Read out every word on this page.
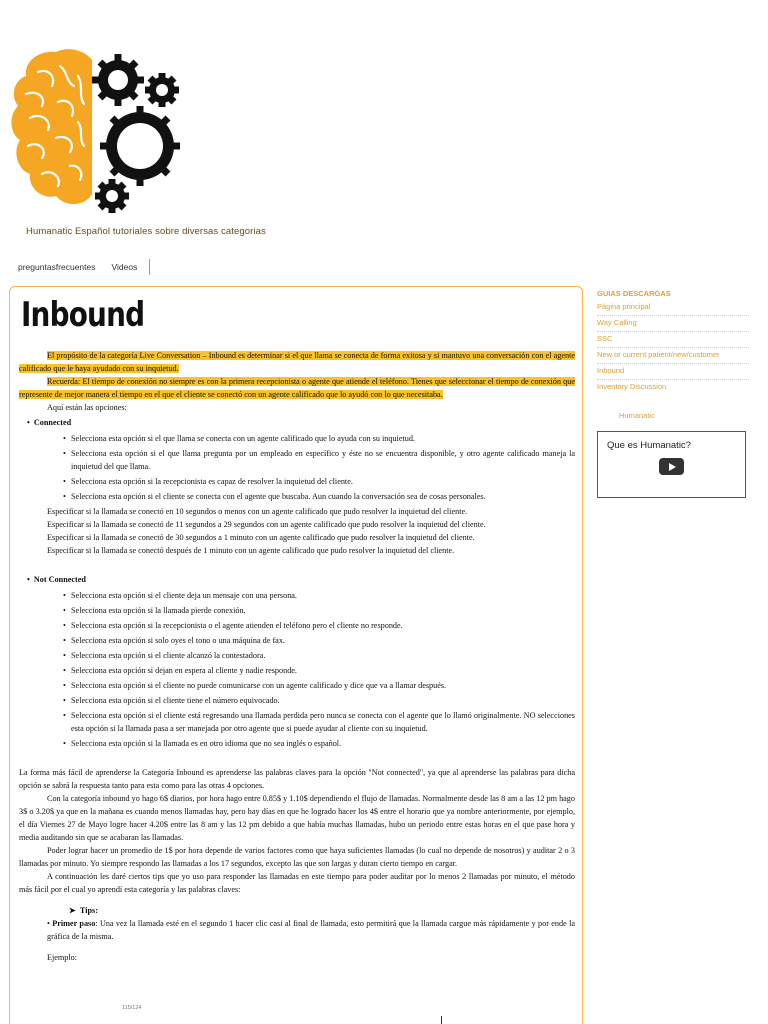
Humanatic Español tutoriales sobre diversas categorias
preguntasfrecuentes Videos
Inbound

El propósito de la categoría Live Conversation – Inbound es determinar si el que llama se conecta de forma exitosa y si mantuvo una conversación con el agente calificado que le haya ayudado con su inquietud.

Recuerda: El tiempo de conexión no siempre es con la primera recepcionista o agente que atiende el teléfono. Tienes que seleccionar el tiempo de conexión que represente de mejor manera el tiempo en el que el cliente se conectó con un agente calificado que lo ayudó con lo que necesitaba.

Aquí están las opciones:

• Connected
• Selecciona esta opción si el que llama se conecta con un agente calificado que lo ayuda con su inquietud.
• Selecciona esta opción si el que llama pregunta por un empleado en específico y éste no se encuentra disponible, y otro agente calificado maneja la inquietud del que llama.
• Selecciona esta opción si la recepcionista es capaz de resolver la inquietud del cliente.
• Selecciona esta opción si el cliente se conecta con el agente que buscaba. Aun cuando la conversación sea de cosas personales.

Especificar si la llamada se conectó en 10 segundos o menos con un agente calificado que pudo resolver la inquietud del cliente.

Especificar si la llamada se conectó de 11 segundos a 29 segundos con un agente calificado que pudo resolver la inquietud del cliente.

Especificar si la llamada se conectó de 30 segundos a 1 minuto con un agente calificado que pudo resolver la inquietud del cliente.

Especificar si la llamada se conectó después de 1 minuto con un agente calificado que pudo resolver la inquietud del cliente.

• Not Connected
• Selecciona esta opción si el cliente deja un mensaje con una persona.
• Selecciona esta opción si la llamada pierde conexión.
• Selecciona esta opción si la recepcionista o el agente atienden el teléfono pero el cliente no responde.
• Selecciona esta opción si solo oyes el tono o una máquina de fax.
• Selecciona esta opción si el cliente alcanzó la contestadora.
• Selecciona esta opción si dejan en espera al cliente y nadie responde.
• Selecciona esta opción si el cliente no puede comunicarse con un agente calificado y dice que va a llamar después.
• Selecciona esta opción si el cliente tiene el número equivocado.
• Selecciona esta opción si el cliente está regresando una llamada perdida pero nunca se conecta con el agente que lo llamó originalmente. NO selecciones esta opción si la llamada pasa a ser manejada por otro agente que si puede ayudar al cliente con su inquietud.
• Selecciona esta opción si la llamada es en otro idioma que no sea inglés o español.

La forma más fácil de aprenderse la Categoría Inbound es aprenderse las palabras claves para la opción "Not connected", ya que al aprenderse las palabras para dicha opción se sabrá la respuesta tanto para esta como para las otras 4 opciones.

Con la categoría inbound yo hago 6$ diarios, por hora hago entre 0.85$ y 1.10$ dependiendo el flujo de llamadas. Normalmente desde las 8 am a las 12 pm hago 3$ o 3.20$ ya que en la mañana es cuando menos llamadas hay, pero hay días en que he logrado hacer los 4$ entre el horario que ya nombre anteriormente, por ejemplo, el día Viernes 27 de Mayo logre hacer 4.20$ entre las 8 am y las 12 pm debido a que había muchas llamadas, hubo un periodo entre estas horas en el que pase hora y media auditando sin que se acabaran las llamadas.

Poder lograr hacer un promedio de 1$ por hora depende de varios factores como que haya suficientes llamadas (lo cual no depende de nosotros) y auditar 2 o 3 llamadas por minuto. Yo siempre respondo las llamadas a los 17 segundos, excepto las que son largas y duran cierto tiempo en cargar.

A continuación les daré ciertos tips que yo uso para responder las llamadas en este tiempo para poder auditar por lo menos 2 llamadas por minuto, el método más fácil por el cual yo aprendí esta categoría y las palabras claves:

➤ Tips:

• Primer paso: Una vez la llamada esté en el segundo 1 hacer clic casi al final de llamada, esto permitirá que la llamada cargue más rápidamente y por ende la gráfica de la misma.

Ejemplo:

115/124
GUIAS DESCARGAS
Página principal
Way Calling
SSC
New or current patient/new/customer
Inbound
Inventory Discussion
Humanatic
Que es Humanatic?
